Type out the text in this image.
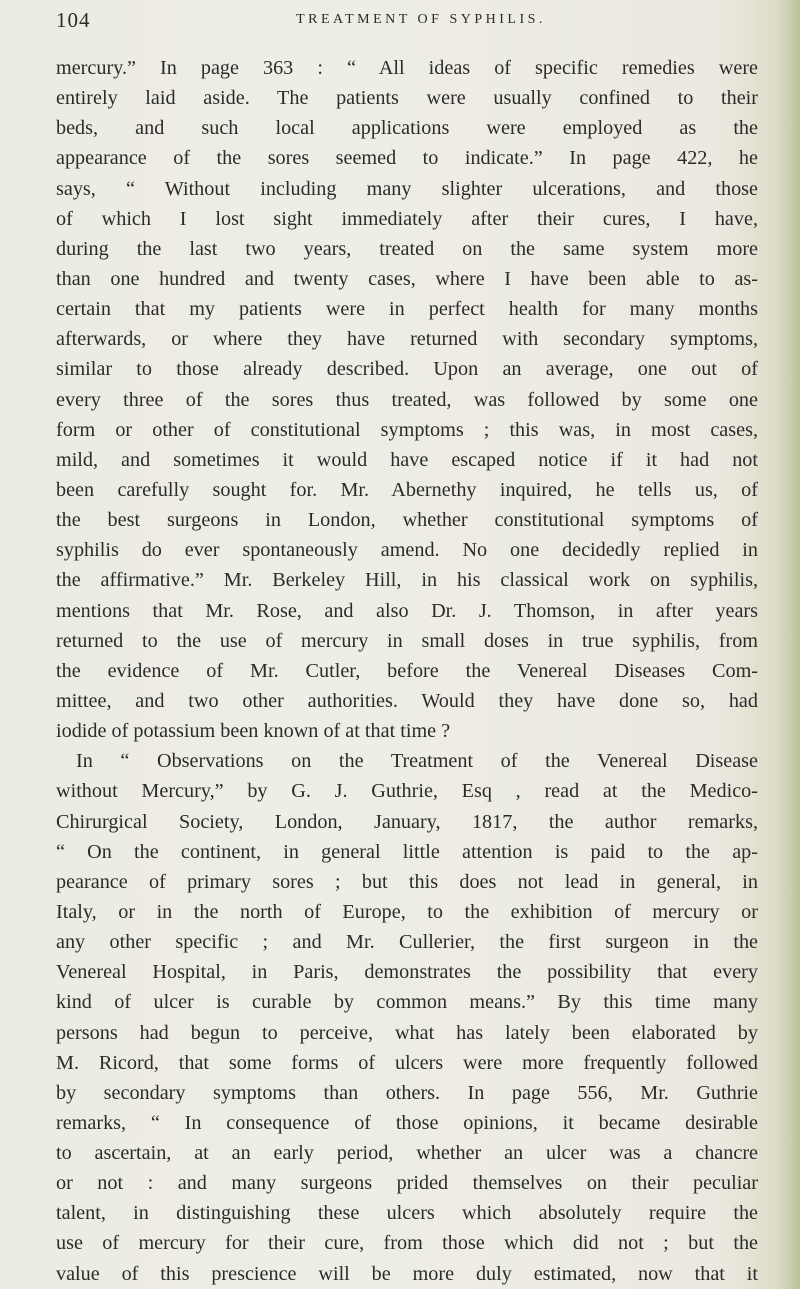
104	TREATMENT OF SYPHILIS.
mercury.” In page 363 : “ All ideas of specific remedies were
entirely laid aside. The patients were usually confined to their
beds, and such local applications were employed as the
appearance of the sores seemed to indicate.” In page 422, he
says, “ Without including many slighter ulcerations, and those
of which I lost sight immediately after their cures, I have,
during the last two years, treated on the same system more
than one hundred and twenty cases, where I have been able to as-
certain that my patients were in perfect health for many months
afterwards, or where they have returned with secondary symptoms,
similar to those already described. Upon an average, one out of
every three of the sores thus treated, was followed by some one
form or other of constitutional symptoms ; this was, in most cases,
mild, and sometimes it would have escaped notice if it had not
been carefully sought for. Mr. Abernethy inquired, he tells us, of
the best surgeons in London, whether constitutional symptoms of
syphilis do ever spontaneously amend. No one decidedly replied in
the affirmative.” Mr. Berkeley Hill, in his classical work on syphilis,
mentions that Mr. Rose, and also Dr. J. Thomson, in after years
returned to the use of mercury in small doses in true syphilis, from
the evidence of Mr. Cutler, before the Venereal Diseases Com-
mittee, and two other authorities. Would they have done so, had
iodide of potassium been known of at that time ?
In “ Observations on the Treatment of the Venereal Disease
without Mercury,” by G. J. Guthrie, Esq , read at the Medico-
Chirurgical Society, London, January, 1817, the author remarks,
“ On the continent, in general little attention is paid to the ap-
pearance of primary sores ; but this does not lead in general, in
Italy, or in the north of Europe, to the exhibition of mercury or
any other specific ; and Mr. Cullerier, the first surgeon in the
Venereal Hospital, in Paris, demonstrates the possibility that every
kind of ulcer is curable by common means.” By this time many
persons had begun to perceive, what has lately been elaborated by
M. Ricord, that some forms of ulcers were more frequently followed
by secondary symptoms than others. In page 556, Mr. Guthrie
remarks, “ In consequence of those opinions, it became desirable
to ascertain, at an early period, whether an ulcer was a chancre
or not : and many surgeons prided themselves on their peculiar
talent, in distinguishing these ulcers which absolutely require the
use of mercury for their cure, from those which did not ; but the
value of this prescience will be more duly estimated, now that it
